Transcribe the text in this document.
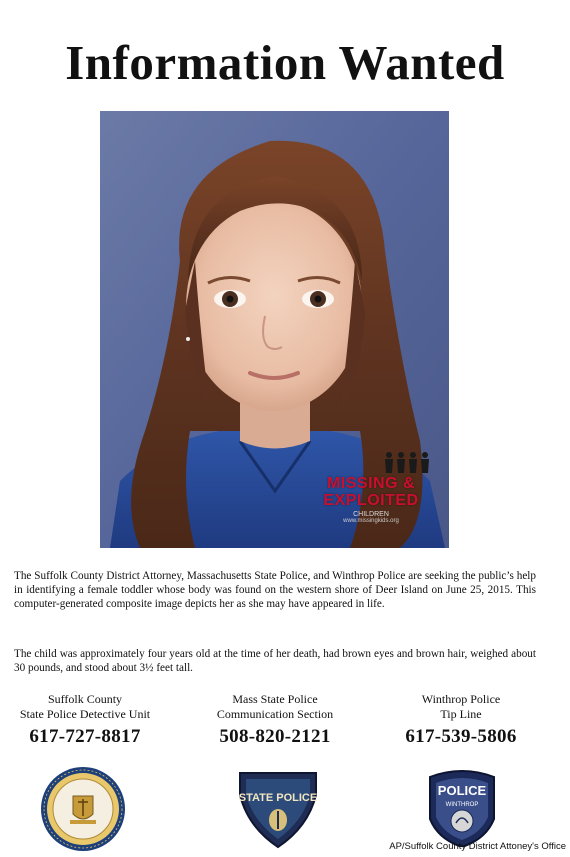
Information Wanted
MISSING &
EXPLOITED
CHILDREN
www.missingkids.org
The Suffolk County District Attorney, Massachusetts State Police, and Winthrop Police are seeking the public’s help in identifying a female toddler whose body was found on the western shore of Deer Island on June 25, 2015. This computer-generated composite image depicts her as she may have appeared in life.
The child was approximately four years old at the time of her death, had brown eyes and brown hair, weighed about 30 pounds, and stood about 3½ feet tall.
Suffolk County
State Police Detective Unit
617-727-8817
Mass State Police
Communication Section
508-820-2121
Winthrop Police
Tip Line
617-539-5806
STATE POLICE	POLICE
WINTHROP
AP/Suffolk County District Attoney's Office
